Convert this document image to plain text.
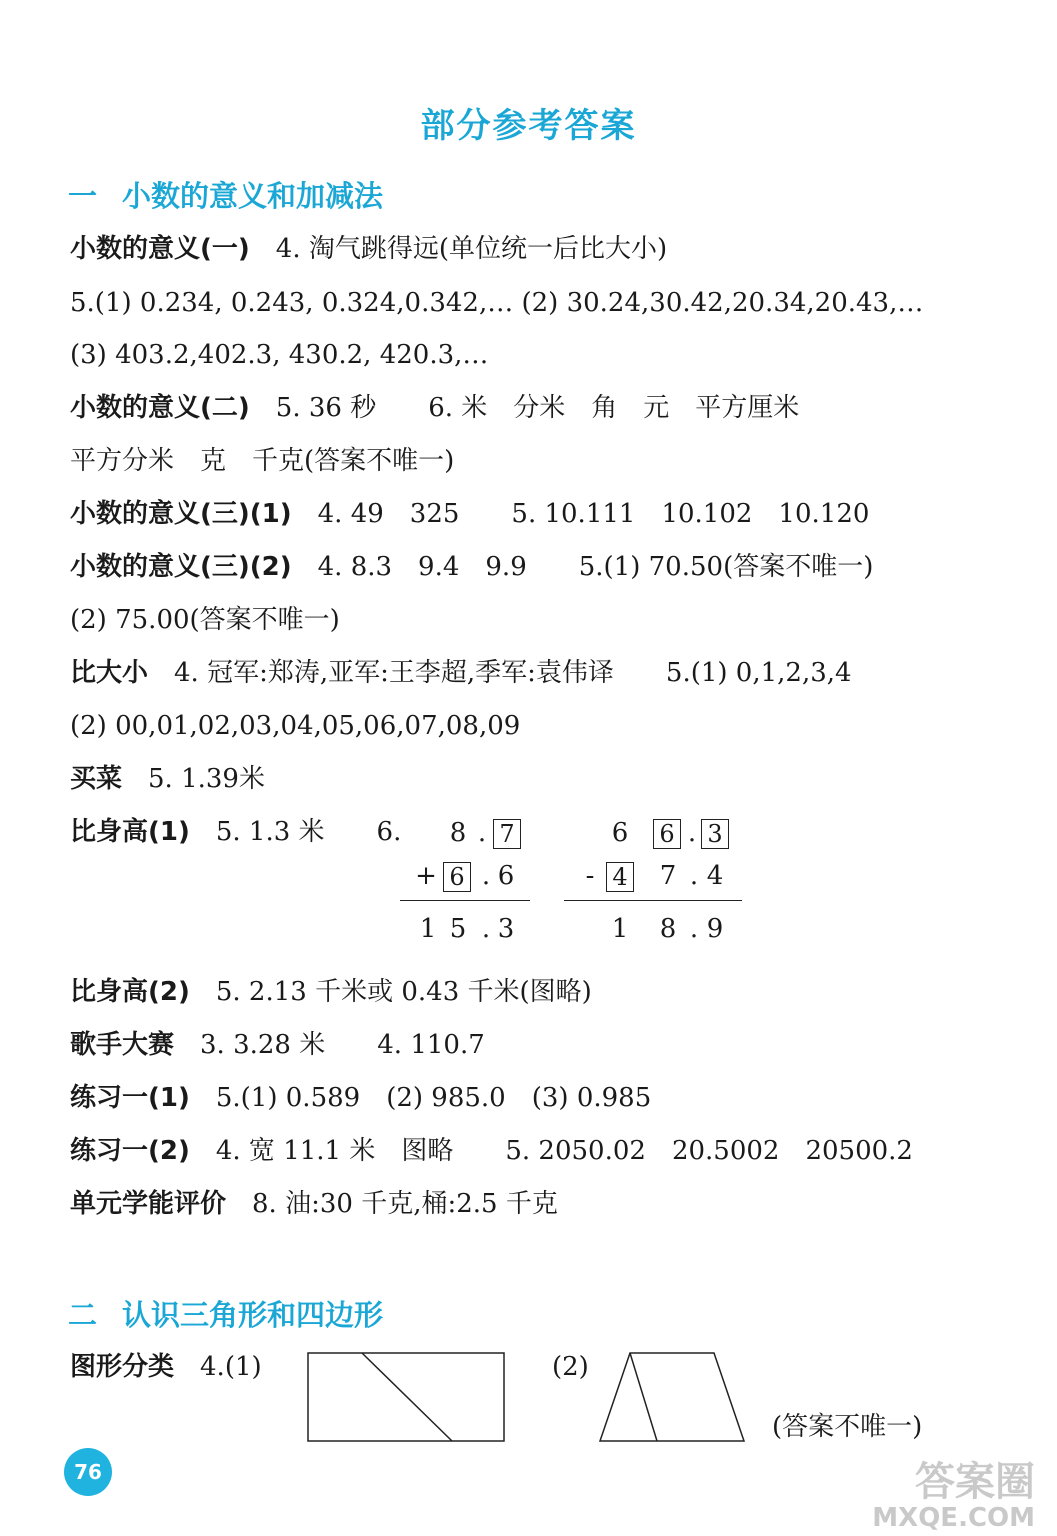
部分参考答案
一 小数的意义和加减法
小数的意义(一) 4. 淘气跳得远(单位统一后比大小)
5.(1) 0.234, 0.243, 0.324,0.342,… (2) 30.24,30.42,20.34,20.43,…
(3) 403.2,402.3, 430.2, 420.3,…
小数的意义(二) 5. 36 秒　　6. 米　分米　角　元　平方厘米
平方分米　克　千克(答案不唯一)
小数的意义(三)(1) 4. 49　325　　5. 10.111　10.102　10.120
小数的意义(三)(2) 4. 8.3　9.4　9.9　　5.(1) 70.50(答案不唯一)
(2) 75.00(答案不唯一)
比大小 4. 冠军:郑涛,亚军:王李超,季军:袁伟译　　5.(1) 0,1,2,3,4
(2) 00,01,02,03,04,05,06,07,08,09
买菜 5. 1.39米
比身高(1) 5. 1.3 米　　6. 8 . 7
+ 6 . 6
1 5 . 3
6 6 . 3
- 4 7 . 4
1 8 . 9
比身高(2) 5. 2.13 千米或 0.43 千米(图略)
歌手大赛 3. 3.28 米　　4. 110.7
练习一(1) 5.(1) 0.589　(2) 985.0　(3) 0.985
练习一(2) 4. 宽 11.1 米　图略　　5. 2050.02　20.5002　20500.2
单元学能评价 8. 油:30 千克,桶:2.5 千克
二 认识三角形和四边形
图形分类 4.(1)	(2)
(答案不唯一)
76	答案圈
MXQE.COM
